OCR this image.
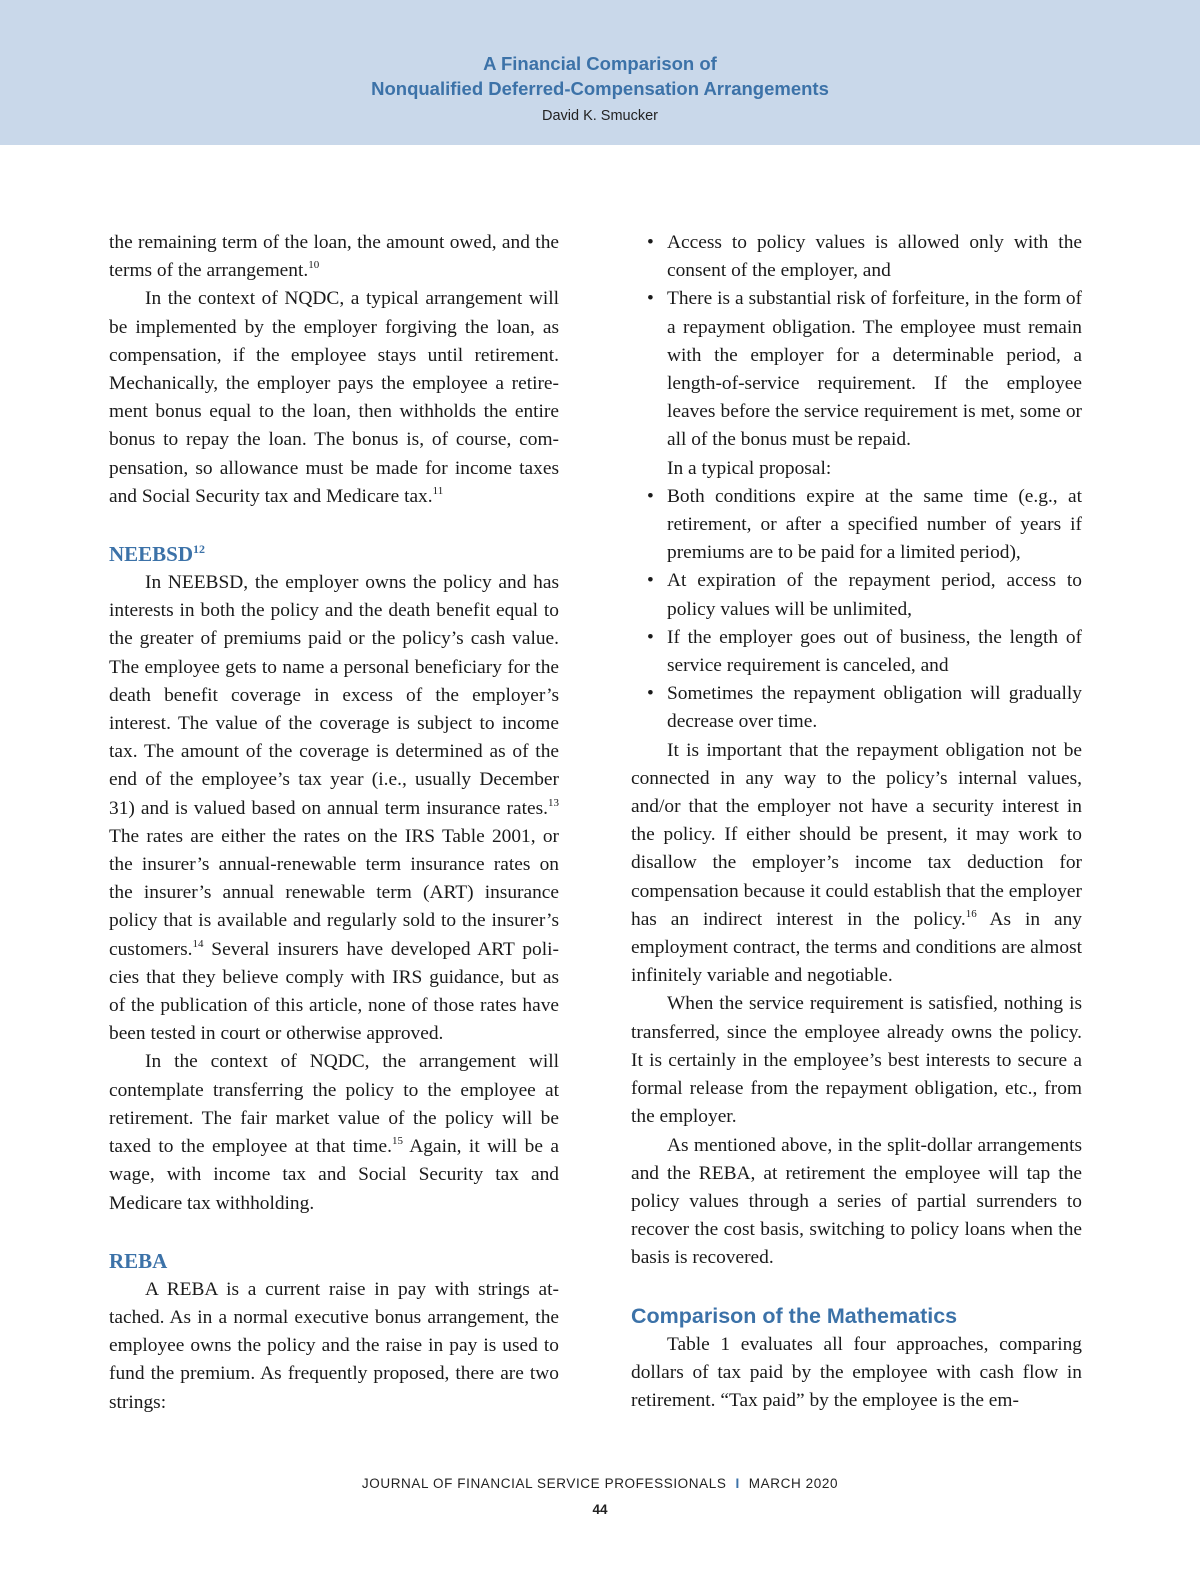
A Financial Comparison of
Nonqualified Deferred-Compensation Arrangements
David K. Smucker

the remaining term of the loan, the amount owed, and the terms of the arrangement.$^{10}$

In the context of NQDC, a typical arrangement will be implemented by the employer forgiving the loan, as compensation, if the employee stays until retirement. Mechanically, the employer pays the employee a retirement bonus equal to the loan, then withholds the entire bonus to repay the loan. The bonus is, of course, compensation, so allowance must be made for income taxes and Social Security tax and Medicare tax.$^{11}$

NEEBSD$^{12}$

In NEEBSD, the employer owns the policy and has interests in both the policy and the death benefit equal to the greater of premiums paid or the policy’s cash value. The employee gets to name a personal beneficiary for the death benefit coverage in excess of the employer’s interest. The value of the coverage is subject to income tax. The amount of the coverage is determined as of the end of the employee’s tax year (i.e., usually December 31) and is valued based on annual term insurance rates.$^{13}$ The rates are either the rates on the IRS Table 2001, or the insurer’s annual-renewable term insurance rates on the insurer’s annual renewable term (ART) insurance policy that is available and regularly sold to the insurer’s customers.$^{14}$ Several insurers have developed ART policies that they believe comply with IRS guidance, but as of the publication of this article, none of those rates have been tested in court or otherwise approved.

In the context of NQDC, the arrangement will contemplate transferring the policy to the employee at retirement. The fair market value of the policy will be taxed to the employee at that time.$^{15}$ Again, it will be a wage, with income tax and Social Security tax and Medicare tax withholding.

REBA

A REBA is a current raise in pay with strings attached. As in a normal executive bonus arrangement, the employee owns the policy and the raise in pay is used to fund the premium. As frequently proposed, there are two strings:

• Access to policy values is allowed only with the consent of the employer, and
• There is a substantial risk of forfeiture, in the form of a repayment obligation. The employee must remain with the employer for a determinable period, a length-of-service requirement. If the employee leaves before the service requirement is met, some or all of the bonus must be repaid.

In a typical proposal:

• Both conditions expire at the same time (e.g., at retirement, or after a specified number of years if premiums are to be paid for a limited period),
• At expiration of the repayment period, access to policy values will be unlimited,
• If the employer goes out of business, the length of service requirement is canceled, and
• Sometimes the repayment obligation will gradually decrease over time.

It is important that the repayment obligation not be connected in any way to the policy’s internal values, and/or that the employer not have a security interest in the policy. If either should be present, it may work to disallow the employer’s income tax deduction for compensation because it could establish that the employer has an indirect interest in the policy.$^{16}$ As in any employment contract, the terms and conditions are almost infinitely variable and negotiable.

When the service requirement is satisfied, nothing is transferred, since the employee already owns the policy. It is certainly in the employee’s best interests to secure a formal release from the repayment obligation, etc., from the employer.

As mentioned above, in the split-dollar arrangements and the REBA, at retirement the employee will tap the policy values through a series of partial surrenders to recover the cost basis, switching to policy loans when the basis is recovered.

Comparison of the Mathematics

Table 1 evaluates all four approaches, comparing dollars of tax paid by the employee with cash flow in retirement. “Tax paid” by the employee is the em-

JOURNAL OF FINANCIAL SERVICE PROFESSIONALS I MARCH 2020
44
